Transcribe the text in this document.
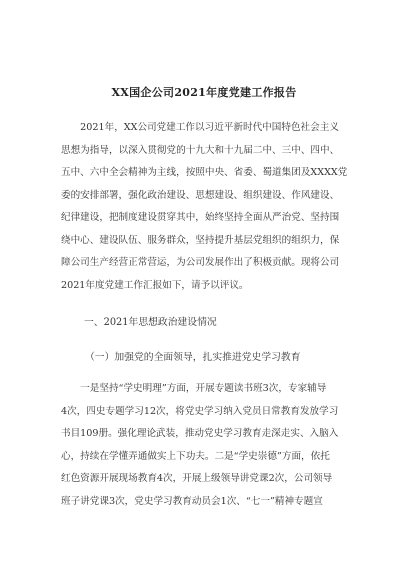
XX国企公司2021年度党建工作报告
　　2021年，XX公司党建工作以习近平新时代中国特色社会主义
思想为指导，以深入贯彻党的十九大和十九届二中、三中、四中、
五中、六中全会精神为主线，按照中央、省委、蜀道集团及XXXX党
委的安排部署，强化政治建设、思想建设、组织建设、作风建设、
纪律建设，把制度建设贯穿其中，始终坚持全面从严治党、坚持围
绕中心、建设队伍、服务群众，坚持提升基层党组织的组织力，保
障公司生产经营正常营运，为公司发展作出了积极贡献。现将公司
2021年度党建工作汇报如下，请予以评议。
一、2021年思想政治建设情况
（一）加强党的全面领导，扎实推进党史学习教育
　　一是坚持“学史明理”方面，开展专题读书班3次，专家辅导
4次，四史专题学习12次，将党史学习纳入党员日常教育发放学习
书目109册。强化理论武装，推动党史学习教育走深走实、入脑入
心，持续在学懂弄通做实上下功夫。二是“学史崇德”方面，依托
红色资源开展现场教育4次，开展上级领导讲党课2次，公司领导
班子讲党课3次，党史学习教育动员会1次、“七一”精神专题宣
